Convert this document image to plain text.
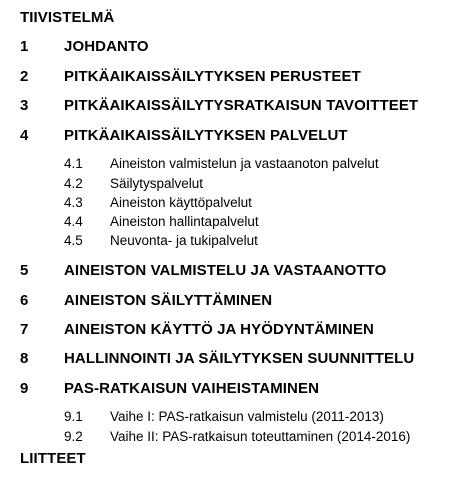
TIIVISTELMÄ
1 JOHDANTO
2 PITKÄAIKAISSÄILYTYKSEN PERUSTEET
3 PITKÄAIKAISSÄILYTYSRATKAISUN TAVOITTEET
4 PITKÄAIKAISSÄILYTYKSEN PALVELUT
4.1 Aineiston valmistelun ja vastaanoton palvelut
4.2 Säilytyspalvelut
4.3 Aineiston käyttöpalvelut
4.4 Aineiston hallintapalvelut
4.5 Neuvonta- ja tukipalvelut
5 AINEISTON VALMISTELU JA VASTAANOTTO
6 AINEISTON SÄILYTTÄMINEN
7 AINEISTON KÄYTTÖ JA HYÖDYNTÄMINEN
8 HALLINNOINTI JA SÄILYTYKSEN SUUNNITTELU
9 PAS-RATKAISUN VAIHEISTAMINEN
9.1 Vaihe I: PAS-ratkaisun valmistelu (2011-2013)
9.2 Vaihe II: PAS-ratkaisun toteuttaminen (2014-2016)
LIITTEET
